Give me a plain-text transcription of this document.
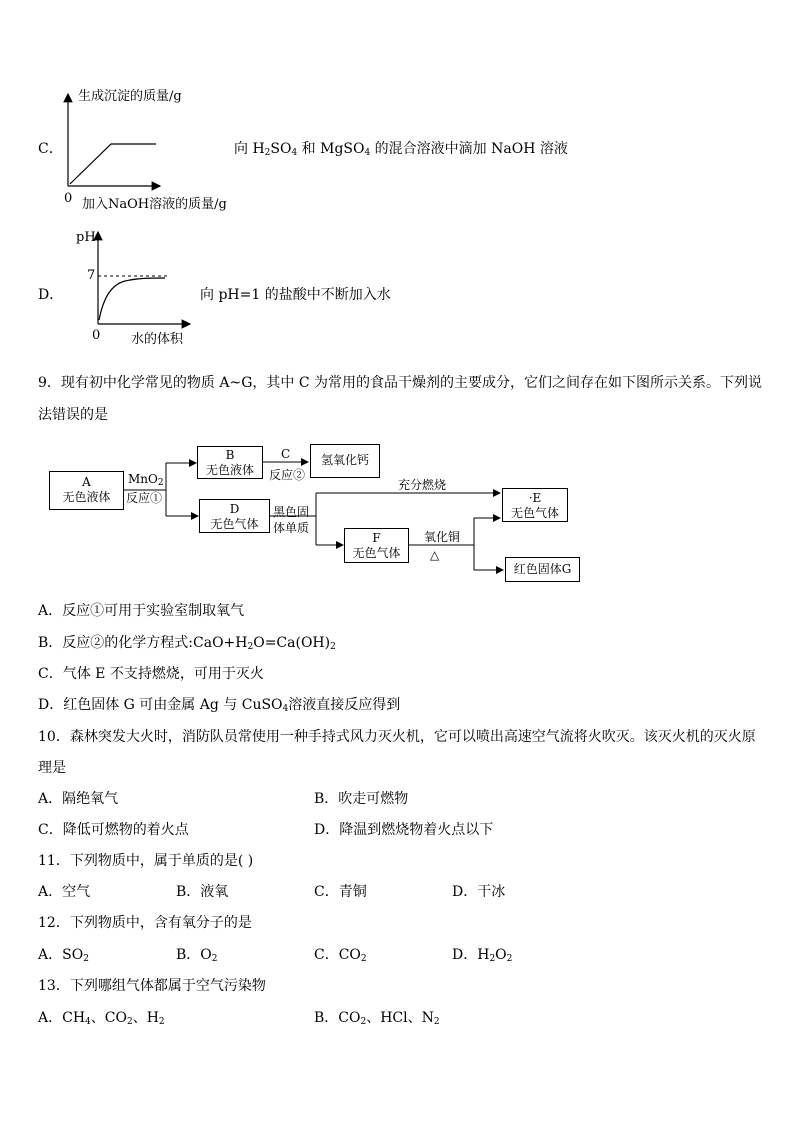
C．
生成沉淀的质量/g
0 加入NaOH溶液的质量/g
向 $H_2SO_4$ 和 MgSO$_4$ 的混合溶液中滴加 NaOH 溶液
D．
pH
7
0 水的体积
向 pH=1 的盐酸中不断加入水
9．现有初中化学常见的物质 A~G，其中 C 为常用的食品干燥剂的主要成分，它们之间存在如下图所示关系。下列说
法错误的是
A
无色液体
MnO$_2$
反应①
B
无色液体
C
反应②
氢氧化钙
D
无色气体
黑色固
体单质
充分燃烧
·E
无色气体
F
无色气体
氧化铜
△
红色固体G
A．反应①可用于实验室制取氧气
B．反应②的化学方程式$:CaO+H_2O=Ca(OH)_2$
C．气体 E 不支持燃烧，可用于灭火
D．红色固体 G 可由金属 Ag 与 CuSO$_4$溶液直接反应得到
10．森林突发大火时，消防队员常使用一种手持式风力灭火机，它可以喷出高速空气流将火吹灭。该灭火机的灭火原
理是
A．隔绝氧气	B．吹走可燃物
C．降低可燃物的着火点	D．降温到燃烧物着火点以下
11．下列物质中，属于单质的是( )
A．空气	B．液氧	C．青铜	D．干冰
12．下列物质中，含有氧分子的是
A．$SO_2$	B．$O_2$	C．$CO_2$	D．$H_2O_2$
13．下列哪组气体都属于空气污染物
A．$CH_4$、$CO_2$、$H_2$	B．$CO_2$、HCl、$N_2$
